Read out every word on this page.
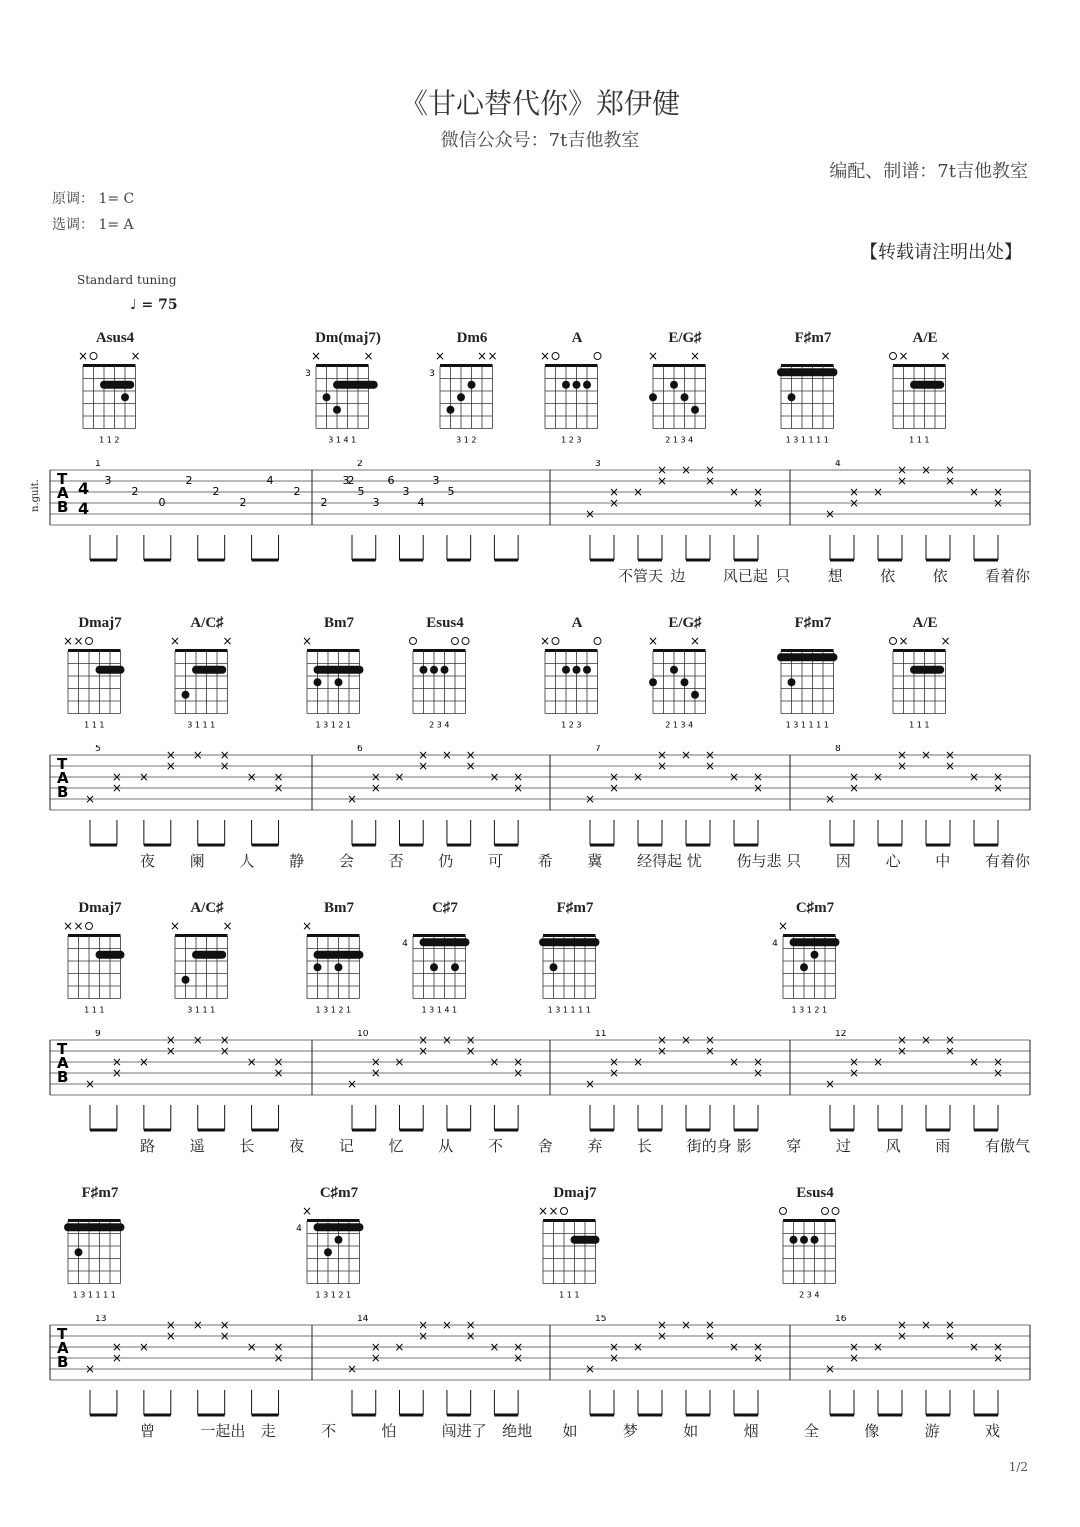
《甘心替代你》郑伊健
微信公众号：7t吉他教室
编配、制谱：7t吉他教室
原调： 1= C
选调： 1= A
【转载请注明出处】
Standard tuning
♩ = 75
1/2
n.guit.
Asus4
×	×
1 1 2
Dm(maj7)
×	×
3
3 1 4 1
Dm6
×	× ×
3
3 1 2
A
×
1 2 3
E/G♯
×	×
2 1 3 4
F♯m7
1 3 1 1 1 1
A/E
×	×
1 1 1
T
A
B
1	2	3	4
4
4	×
×
× ×
×
× ×
×
×
×
×
×
×
×
× ×
×
× ×
×
×
×
×
×
3
2
0
2
2
2
4
2
2
2
3
5
3
6
3
4
3
5
不管天 边 风已起 只 想 依 依 看着你
Dmaj7
× ×
1 1 1
A/C♯
×	×
3 1 1 1
Bm7
×
1 3 1 2 1
Esus4
2 3 4
A
×
1 2 3
E/G♯
×	×
2 1 3 4
F♯m7
1 3 1 1 1 1
A/E
×	×
1 1 1
T
A
B
5	6	7	8
×
×
× ×
×
× ×
×
×
×
×
×
×
×
× ×
×
× ×
×
×
×
×
×
×
×
× ×
×
× ×
×
×
×
×
×
×
×
× ×
×
× ×
×
×
×
×
×
夜 阑 人 静 会 否 仍 可 希 冀 经得起 忧 伤与悲 只 因 心 中 有着你
Dmaj7
× ×
1 1 1
A/C♯
×	×
3 1 1 1
Bm7
×
1 3 1 2 1
C♯7
4
1 3 1 4 1
F♯m7
1 3 1 1 1 1
C♯m7
×
4
1 3 1 2 1
T
A
B
9	10	11	12
×
×
× ×
×
× ×
×
×
×
×
×
×
×
× ×
×
× ×
×
×
×
×
×
×
×
× ×
×
× ×
×
×
×
×
×
×
×
× ×
×
× ×
×
×
×
×
×
路 遥 长 夜 记 忆 从 不 舍 弃 长 街的身 影 穿 过 风 雨 有傲气
F♯m7
1 3 1 1 1 1
C♯m7
×
4
1 3 1 2 1
Dmaj7
× ×
1 1 1
Esus4
2 3 4
T
A
B
13	14	15	16
×
×
× ×
×
× ×
×
×
×
×
×
×
×
× ×
×
× ×
×
×
×
×
×
×
×
× ×
×
× ×
×
×
×
×
×
×
×
× ×
×
× ×
×
×
×
×
×
曾	一起出 走	不	怕	闯进了 绝地 如	梦	如	烟	全	像	游	戏
